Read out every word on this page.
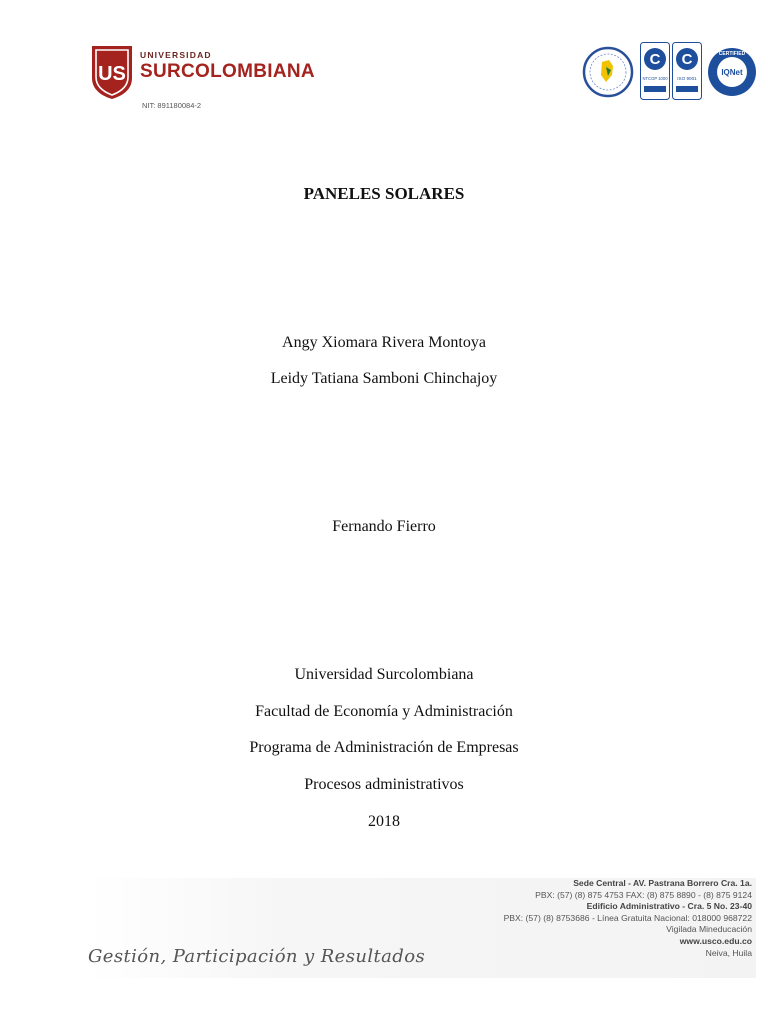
US
UNIVERSIDAD
SURCOLOMBIANA
NIT: 891180084-2
C
NTCGP 1000
C
ISO 9001
CERTIFIED
IQNet
PANELES SOLARES
Angy Xiomara Rivera Montoya
Leidy Tatiana Samboni Chinchajoy
Fernando Fierro
Universidad Surcolombiana
Facultad de Economía y Administración
Programa de Administración de Empresas
Procesos administrativos
2018
Gestión, Participación y Resultados
Sede Central - AV. Pastrana Borrero Cra. 1a.
PBX: (57) (8) 875 4753 FAX: (8) 875 8890 - (8) 875 9124
Edificio Administrativo - Cra. 5 No. 23-40
PBX: (57) (8) 8753686 - Línea Gratuita Nacional: 018000 968722
Vigilada Mineducación
www.usco.edu.co
Neiva, Huila
